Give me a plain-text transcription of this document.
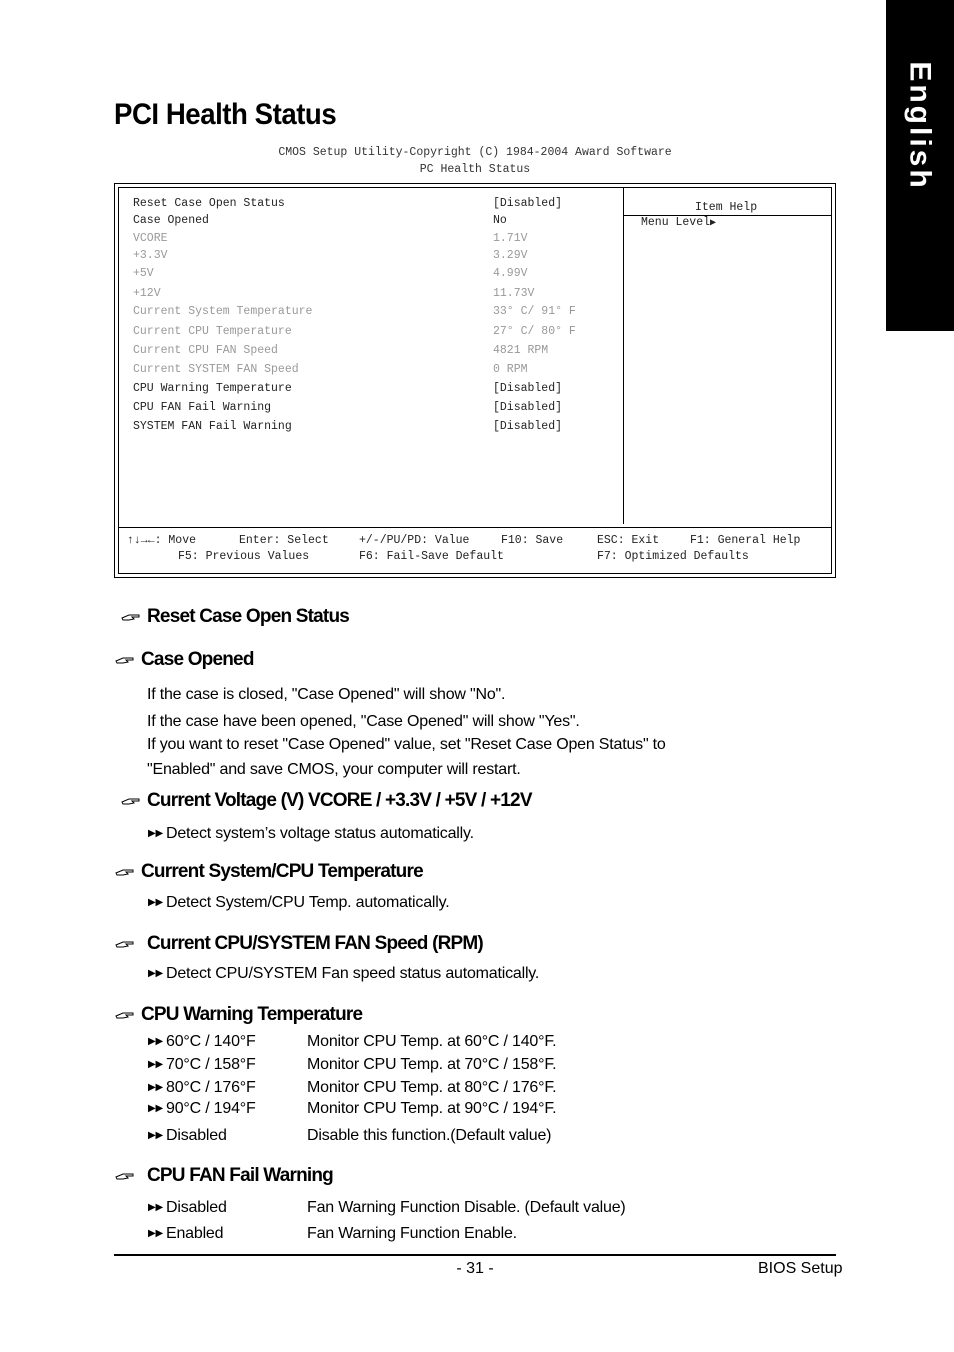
English
PCI Health Status
CMOS Setup Utility-Copyright (C) 1984-2004 Award Software
PC Health Status
Reset Case Open Status	[Disabled]
Case Opened	No
VCORE	1.71V
+3.3V	3.29V
+5V	4.99V
+12V	11.73V
Current System Temperature	33° C/ 91° F
Current CPU Temperature	27° C/ 80° F
Current CPU FAN Speed	4821 RPM
Current SYSTEM FAN Speed	0 RPM
CPU Warning Temperature	[Disabled]
CPU FAN Fail Warning	[Disabled]
SYSTEM FAN Fail Warning	[Disabled]
Item Help
Menu Level▶
↑↓→←: Move	Enter: Select	+/-/PU/PD: Value	F10: Save	ESC: Exit	F1: General Help
F5: Previous Values	F6: Fail-Save Default	F7: Optimized Defaults
Reset Case Open Status
Case Opened
If the case is closed, "Case Opened" will show "No".
If the case have been opened, "Case Opened" will show "Yes".
If you want to reset "Case Opened" value, set "Reset Case Open Status" to
"Enabled" and save CMOS, your computer will restart.
Current Voltage (V) VCORE / +3.3V / +5V / +12V
▶▶ Detect system’s voltage status automatically.
Current System/CPU Temperature
▶▶ Detect System/CPU Temp. automatically.
Current CPU/SYSTEM FAN Speed (RPM)
▶▶ Detect CPU/SYSTEM Fan speed status automatically.
CPU Warning Temperature
▶▶ 60°C / 140°F	Monitor CPU Temp. at 60°C / 140°F.
▶▶ 70°C / 158°F	Monitor CPU Temp. at 70°C / 158°F.
▶▶ 80°C / 176°F	Monitor CPU Temp. at 80°C / 176°F.
▶▶ 90°C / 194°F	Monitor CPU Temp. at 90°C / 194°F.
▶▶ Disabled	Disable this function.(Default value)
CPU FAN Fail Warning
▶▶ Disabled	Fan Warning Function Disable. (Default value)
▶▶ Enabled	Fan Warning Function Enable.
- 31 -	BIOS Setup
